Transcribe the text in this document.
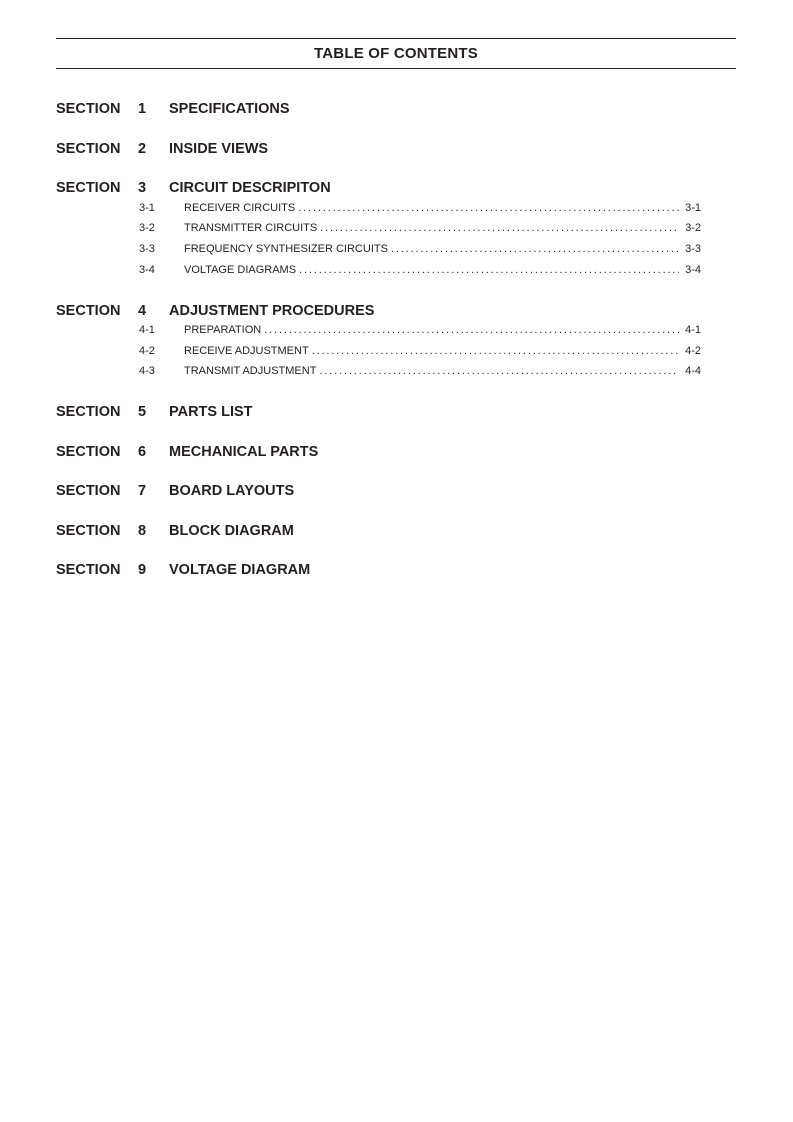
TABLE OF CONTENTS
SECTION 1 SPECIFICATIONS
SECTION 2 INSIDE VIEWS
SECTION 3 CIRCUIT DESCRIPITON
3-1	RECEIVER CIRCUITS . . .	3-1
3-2	TRANSMITTER CIRCUITS . . .	3-2
3-3	FREQUENCY SYNTHESIZER CIRCUITS . . .	3-3
3-4	VOLTAGE DIAGRAMS . . .	3-4
SECTION 4 ADJUSTMENT PROCEDURES
4-1	PREPARATION . . .	4-1
4-2	RECEIVE ADJUSTMENT . . .	4-2
4-3	TRANSMIT ADJUSTMENT . . .	4-4
SECTION 5 PARTS LIST
SECTION 6 MECHANICAL PARTS
SECTION 7 BOARD LAYOUTS
SECTION 8 BLOCK DIAGRAM
SECTION 9 VOLTAGE DIAGRAM
